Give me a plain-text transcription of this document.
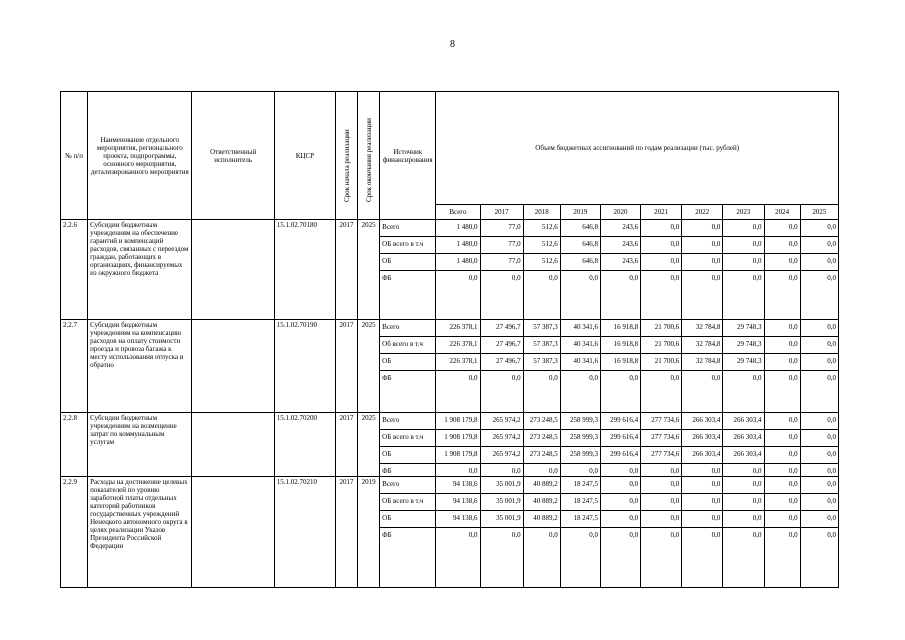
8
№ п/п	Наименование отдельного мероприятия, регионального проекта, подпрограммы, основного мероприятия, детализированного мероприятия	Ответственный исполнитель	КЦСР	Срок начала реализации	Срок окончания реализации	Источник финансирования	Объем бюджетных ассигнований по годам реализации (тыс. рублей)									
							Всего	2017	2018	2019	2020	2021	2022	2023	2024	2025
2.2.6	Субсидии бюджетным учреждениям на обеспечение гарантий и компенсаций расходов, связанных с переездом граждан, работающих в организациях, финансируемых из окружного бюджета		15.1.02.70180	2017	2025	Всего	1 480,0	77,0	512,6	646,8	243,6	0,0	0,0	0,0	0,0	0,0
						ОБ всего в т.ч	1 480,0	77,0	512,6	646,8	243,6	0,0	0,0	0,0	0,0	0,0
						ОБ	1 480,0	77,0	512,6	646,8	243,6	0,0	0,0	0,0	0,0	0,0
						ФБ	0,0	0,0	0,0	0,0	0,0	0,0	0,0	0,0	0,0	0,0
2.2.7	Субсидии бюджетным учреждениям на компенсацию расходов на оплату стоимости проезда и провоза багажа к месту использования отпуска и обратно		15.1.02.70190	2017	2025	Всего	226 378,1	27 496,7	57 387,3	40 341,6	16 918,8	21 700,6	32 784,8	29 748,3	0,0	0,0
						Об всего в т.ч	226 378,1	27 496,7	57 387,3	40 341,6	16 918,8	21 700,6	32 784,8	29 748,3	0,0	0,0
						ОБ	226 378,1	27 496,7	57 387,3	40 341,6	16 918,8	21 700,6	32 784,8	29 748,3	0,0	0,0
						ФБ	0,0	0,0	0,0	0,0	0,0	0,0	0,0	0,0	0,0	0,0
2.2.8	Субсидии бюджетным учреждениям на возмещение затрат по коммунальным услугам		15.1.02.70200	2017	2025	Всего	1 908 179,8	265 974,2	273 248,5	258 999,3	299 616,4	277 734,6	266 303,4	266 303,4	0,0	0,0
						ОБ всего в т.ч	1 908 179,8	265 974,2	273 248,5	258 999,3	299 616,4	277 734,6	266 303,4	266 303,4	0,0	0,0
						ОБ	1 908 179,8	265 974,2	273 248,5	258 999,3	299 616,4	277 734,6	266 303,4	266 303,4	0,0	0,0
						ФБ	0,0	0,0	0,0	0,0	0,0	0,0	0,0	0,0	0,0	0,0
2.2.9	Расходы на достижение целевых показателей по уровню заработной платы отдельных категорий работников государственных учреждений Ненецкого автономного округа в целях реализации Указов Президента Российской Федерации		15.1.02.70210	2017	2019	Всего	94 138,6	35 001,9	40 889,2	18 247,5	0,0	0,0	0,0	0,0	0,0	0,0
						ОБ всего в т.ч	94 138,6	35 001,9	40 889,2	18 247,5	0,0	0,0	0,0	0,0	0,0	0,0
						ОБ	94 138,6	35 001,9	40 889,2	18 247,5	0,0	0,0	0,0	0,0	0,0	0,0
						ФБ	0,0	0,0	0,0	0,0	0,0	0,0	0,0	0,0	0,0	0,0
